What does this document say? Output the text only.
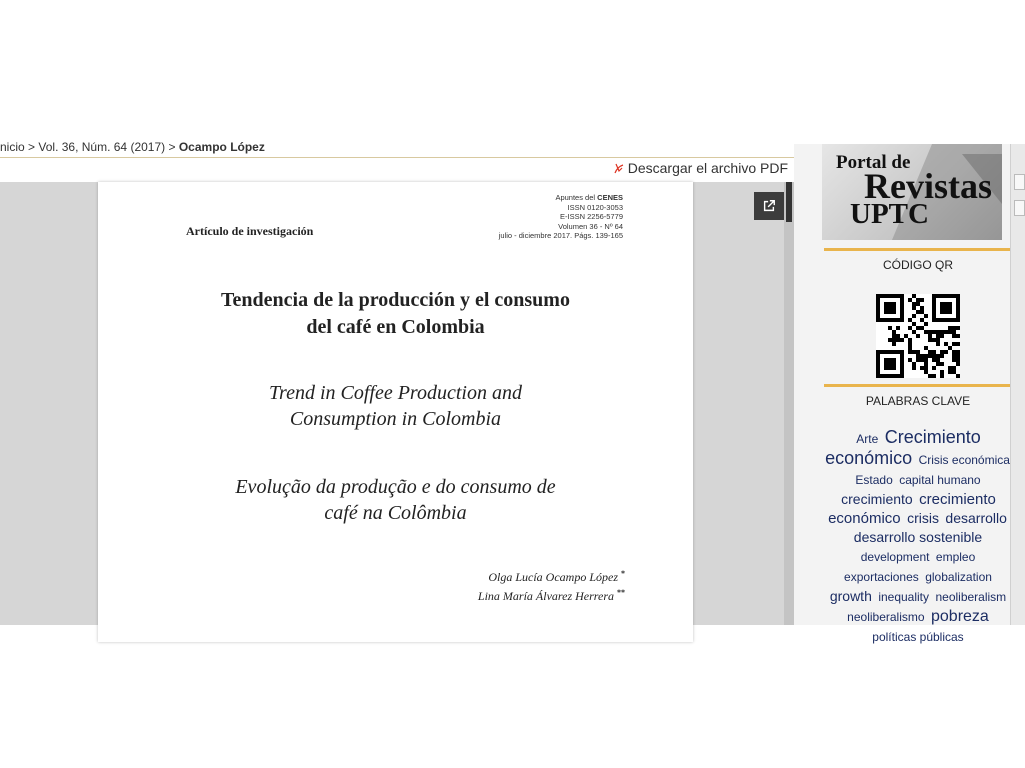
nicio > Vol. 36, Núm. 64 (2017) > Ocampo López
Descargar el archivo PDF
Artículo de investigación
Apuntes del CENES
ISSN 0120-3053
E-ISSN 2256-5779
Volumen 36 - Nº 64
julio - diciembre 2017. Págs. 139-165
Tendencia de la producción y el consumo
del café en Colombia
Trend in Coffee Production and
Consumption in Colombia
Evolução da produção e do consumo de
café na Colômbia
Olga Lucía Ocampo López *
Lina María Álvarez Herrera **
Portal de
Revistas
UPTC
CÓDIGO QR
PALABRAS CLAVE
Arte Crecimiento económico Crisis económica Estado capital humano crecimiento crecimiento económico crisis desarrollo desarrollo sostenible development empleo exportaciones globalization growth inequality neoliberalism neoliberalismo pobreza políticas públicas
